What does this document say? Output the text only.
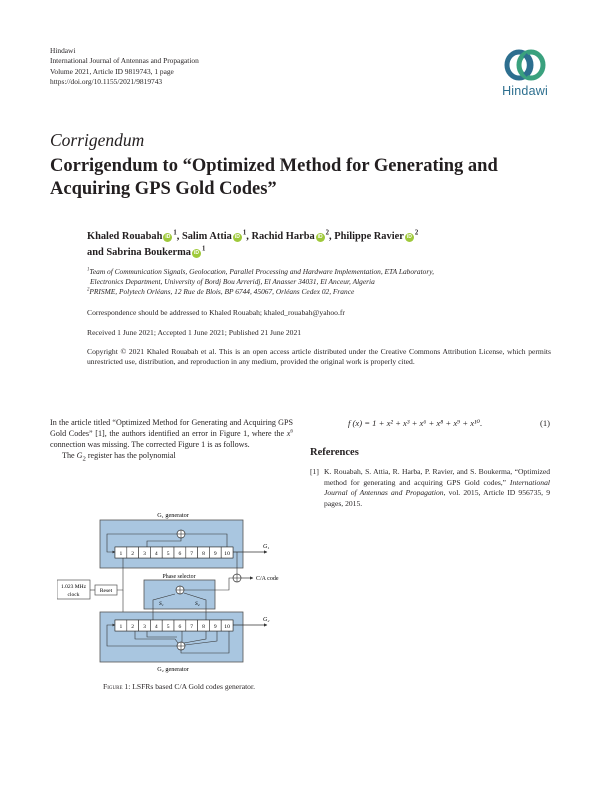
Hindawi
International Journal of Antennas and Propagation
Volume 2021, Article ID 9819743, 1 page
https://doi.org/10.1155/2021/9819743
Hindawi
Corrigendum
Corrigendum to “Optimized Method for Generating and Acquiring GPS Gold Codes”
Khaled Rouabah $iD^1$, Salim Attia $iD^1$, Rachid Harba $iD^2$, Philippe Ravier $iD^2$
and Sabrina Boukerma $iD^1$
$^1$Team of Communication Signals, Geolocation, Parallel Processing and Hardware Implementation, ETA Laboratory,
Electronics Department, University of Bordj Bou Arreridj, El Anasser 34031, El Anceur, Algeria
$^2$PRISME, Polytech Orléans, 12 Rue de Blois, BP 6744, 45067, Orléans Cedex 02, France
Correspondence should be addressed to Khaled Rouabah; khaled_rouabah@yahoo.fr
Received 1 June 2021; Accepted 1 June 2021; Published 21 June 2021
Copyright © 2021 Khaled Rouabah et al. This is an open access article distributed under the Creative Commons Attribution License, which permits unrestricted use, distribution, and reproduction in any medium, provided the original work is properly cited.

In the article titled “Optimized Method for Generating and Acquiring GPS Gold Codes” [1], the authors identified an error in Figure 1, where the $x^6$ connection was missing. The corrected Figure 1 is as follows.

The $G_2$ register has the polynomial

f (x) = 1 + x² + x³ + x⁶ + x⁸ + x⁹ + x¹⁰.	(1)
References
[1] K. Rouabah, S. Attia, R. Harba, P. Ravier, and S. Boukerma, “Optimized method for generating and acquiring GPS Gold codes,” International Journal of Antennas and Propagation, vol. 2015, Article ID 956735, 9 pages, 2015.
G₁ generator
1 2 3 4 5 6 7 8 9 10
G₁
Phase selector
S₁	S₂
C/A code
1.023 MHz
clock
Reset
G₂ generator
1 2 3 4 5 6 7 8 9 10
G₂
Figure 1: LSFRs based C/A Gold codes generator.
